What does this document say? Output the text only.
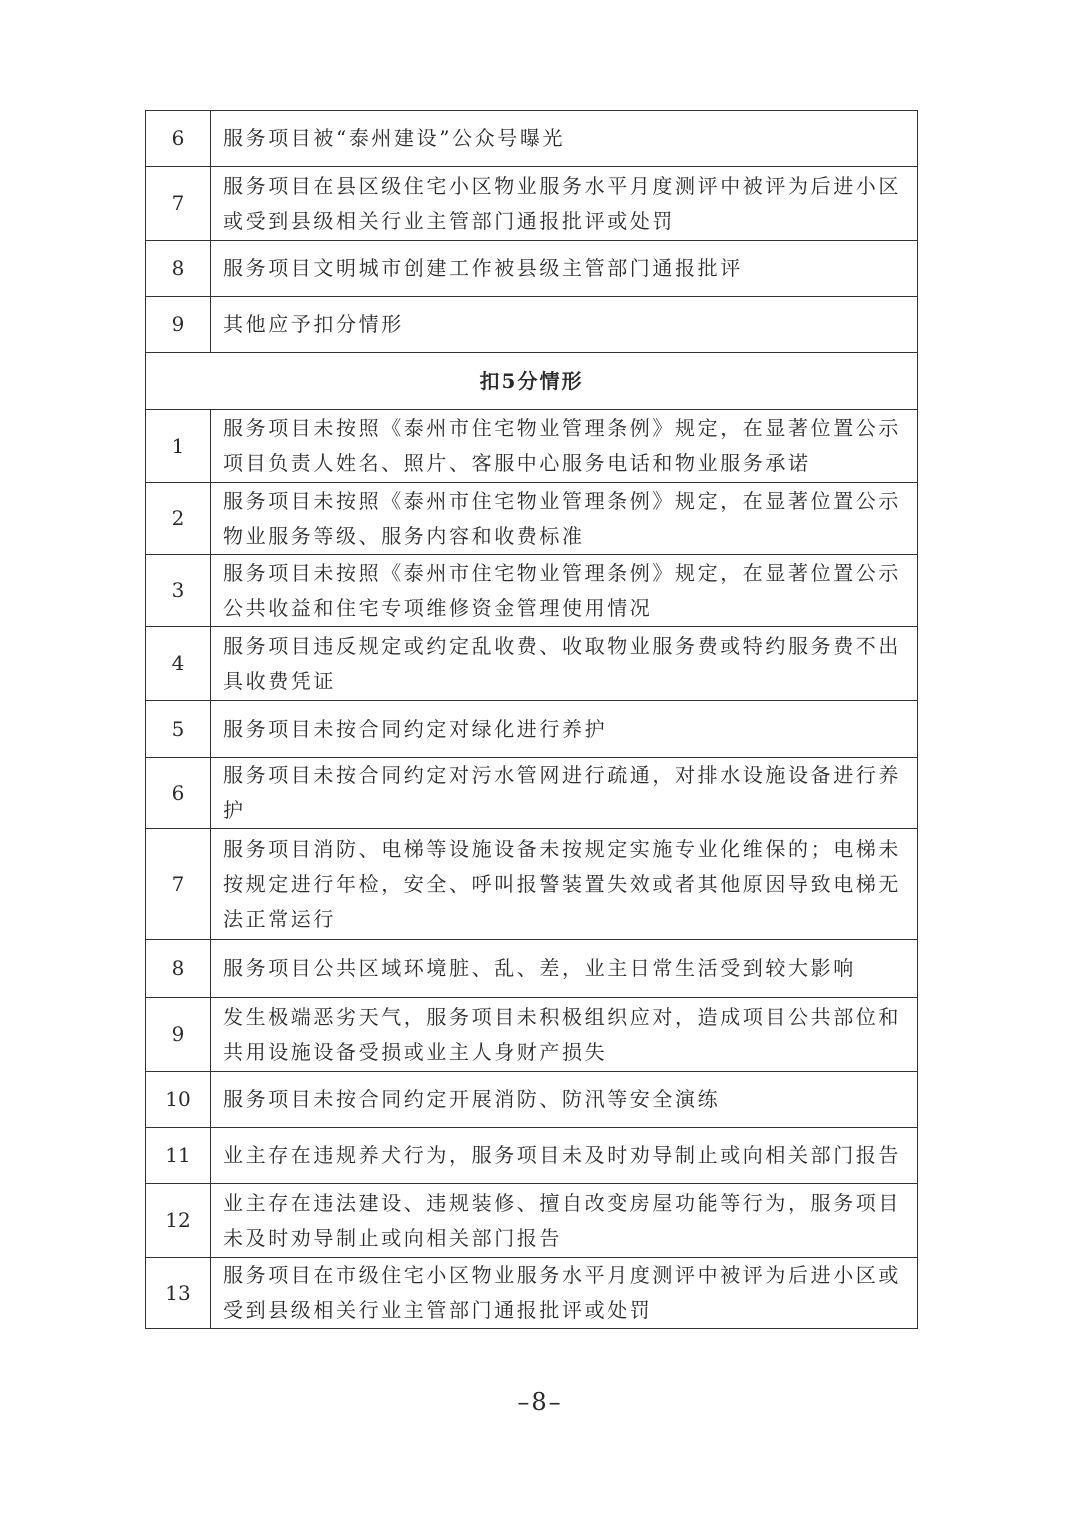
6	服务项目被“泰州建设”公众号曝光
7	服务项目在县区级住宅小区物业服务水平月度测评中被评为后进小区或受到县级相关行业主管部门通报批评或处罚
8	服务项目文明城市创建工作被县级主管部门通报批评
9	其他应予扣分情形
扣5分情形	
1	服务项目未按照《泰州市住宅物业管理条例》规定，在显著位置公示项目负责人姓名、照片、客服中心服务电话和物业服务承诺
2	服务项目未按照《泰州市住宅物业管理条例》规定，在显著位置公示物业服务等级、服务内容和收费标准
3	服务项目未按照《泰州市住宅物业管理条例》规定，在显著位置公示公共收益和住宅专项维修资金管理使用情况
4	服务项目违反规定或约定乱收费、收取物业服务费或特约服务费不出具收费凭证
5	服务项目未按合同约定对绿化进行养护
6	服务项目未按合同约定对污水管网进行疏通，对排水设施设备进行养护
7	服务项目消防、电梯等设施设备未按规定实施专业化维保的；电梯未按规定进行年检，安全、呼叫报警装置失效或者其他原因导致电梯无法正常运行
8	服务项目公共区域环境脏、乱、差，业主日常生活受到较大影响
9	发生极端恶劣天气，服务项目未积极组织应对，造成项目公共部位和共用设施设备受损或业主人身财产损失
10	服务项目未按合同约定开展消防、防汛等安全演练
11	业主存在违规养犬行为，服务项目未及时劝导制止或向相关部门报告
12	业主存在违法建设、违规装修、擅自改变房屋功能等行为，服务项目未及时劝导制止或向相关部门报告
13	服务项目在市级住宅小区物业服务水平月度测评中被评为后进小区或受到县级相关行业主管部门通报批评或处罚
–8–
